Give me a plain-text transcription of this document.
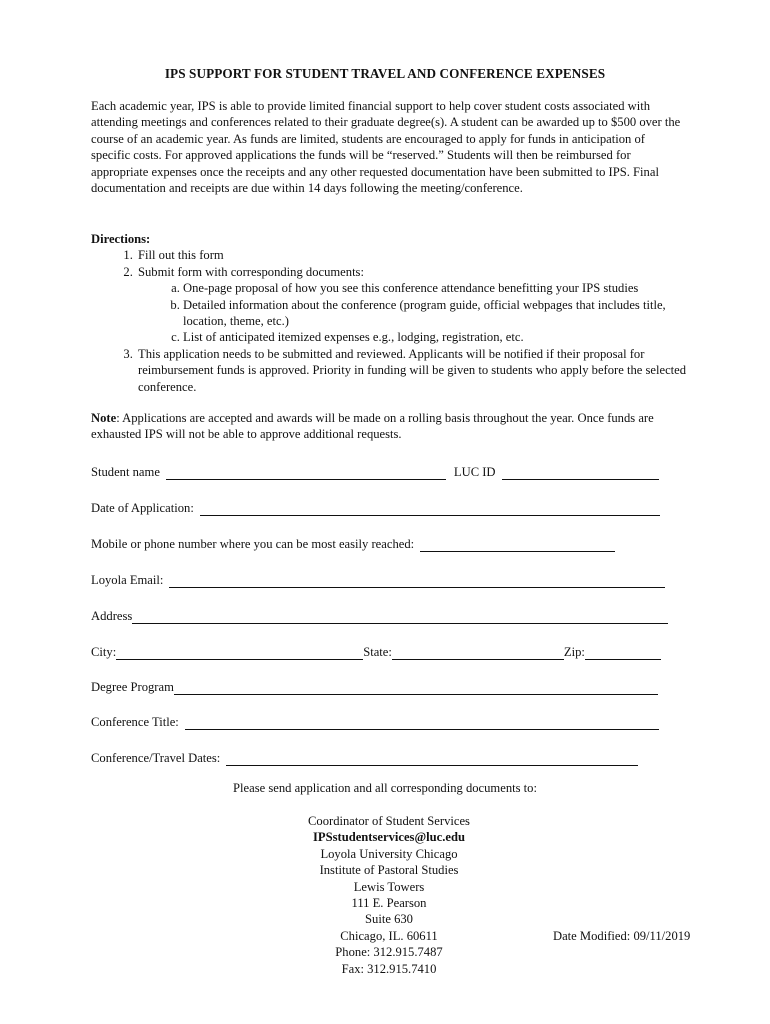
IPS SUPPORT FOR STUDENT TRAVEL AND CONFERENCE EXPENSES
Each academic year, IPS is able to provide limited financial support to help cover student costs associated with attending meetings and conferences related to their graduate degree(s). A student can be awarded up to $500 over the course of an academic year. As funds are limited, students are encouraged to apply for funds in anticipation of specific costs. For approved applications the funds will be “reserved.” Students will then be reimbursed for appropriate expenses once the receipts and any other requested documentation have been submitted to IPS. Final documentation and receipts are due within 14 days following the meeting/conference.
Directions:
1. Fill out this form
2. Submit form with corresponding documents:
a. One-page proposal of how you see this conference attendance benefitting your IPS studies
b. Detailed information about the conference (program guide, official webpages that includes title, location, theme, etc.)
c. List of anticipated itemized expenses e.g., lodging, registration, etc.
3. This application needs to be submitted and reviewed. Applicants will be notified if their proposal for reimbursement funds is approved. Priority in funding will be given to students who apply before the selected conference.
Note: Applications are accepted and awards will be made on a rolling basis throughout the year. Once funds are exhausted IPS will not be able to approve additional requests.
Student name	LUC ID
Date of Application:
Mobile or phone number where you can be most easily reached:
Loyola Email:
Address
City:	State:	Zip:
Degree Program
Conference Title:
Conference/Travel Dates:
Please send application and all corresponding documents to:
Coordinator of Student Services
IPSstudentservices@luc.edu
Loyola University Chicago
Institute of Pastoral Studies
Lewis Towers
111 E. Pearson
Suite 630
Chicago, IL. 60611
Phone: 312.915.7487
Fax: 312.915.7410
Date Modified: 09/11/2019
